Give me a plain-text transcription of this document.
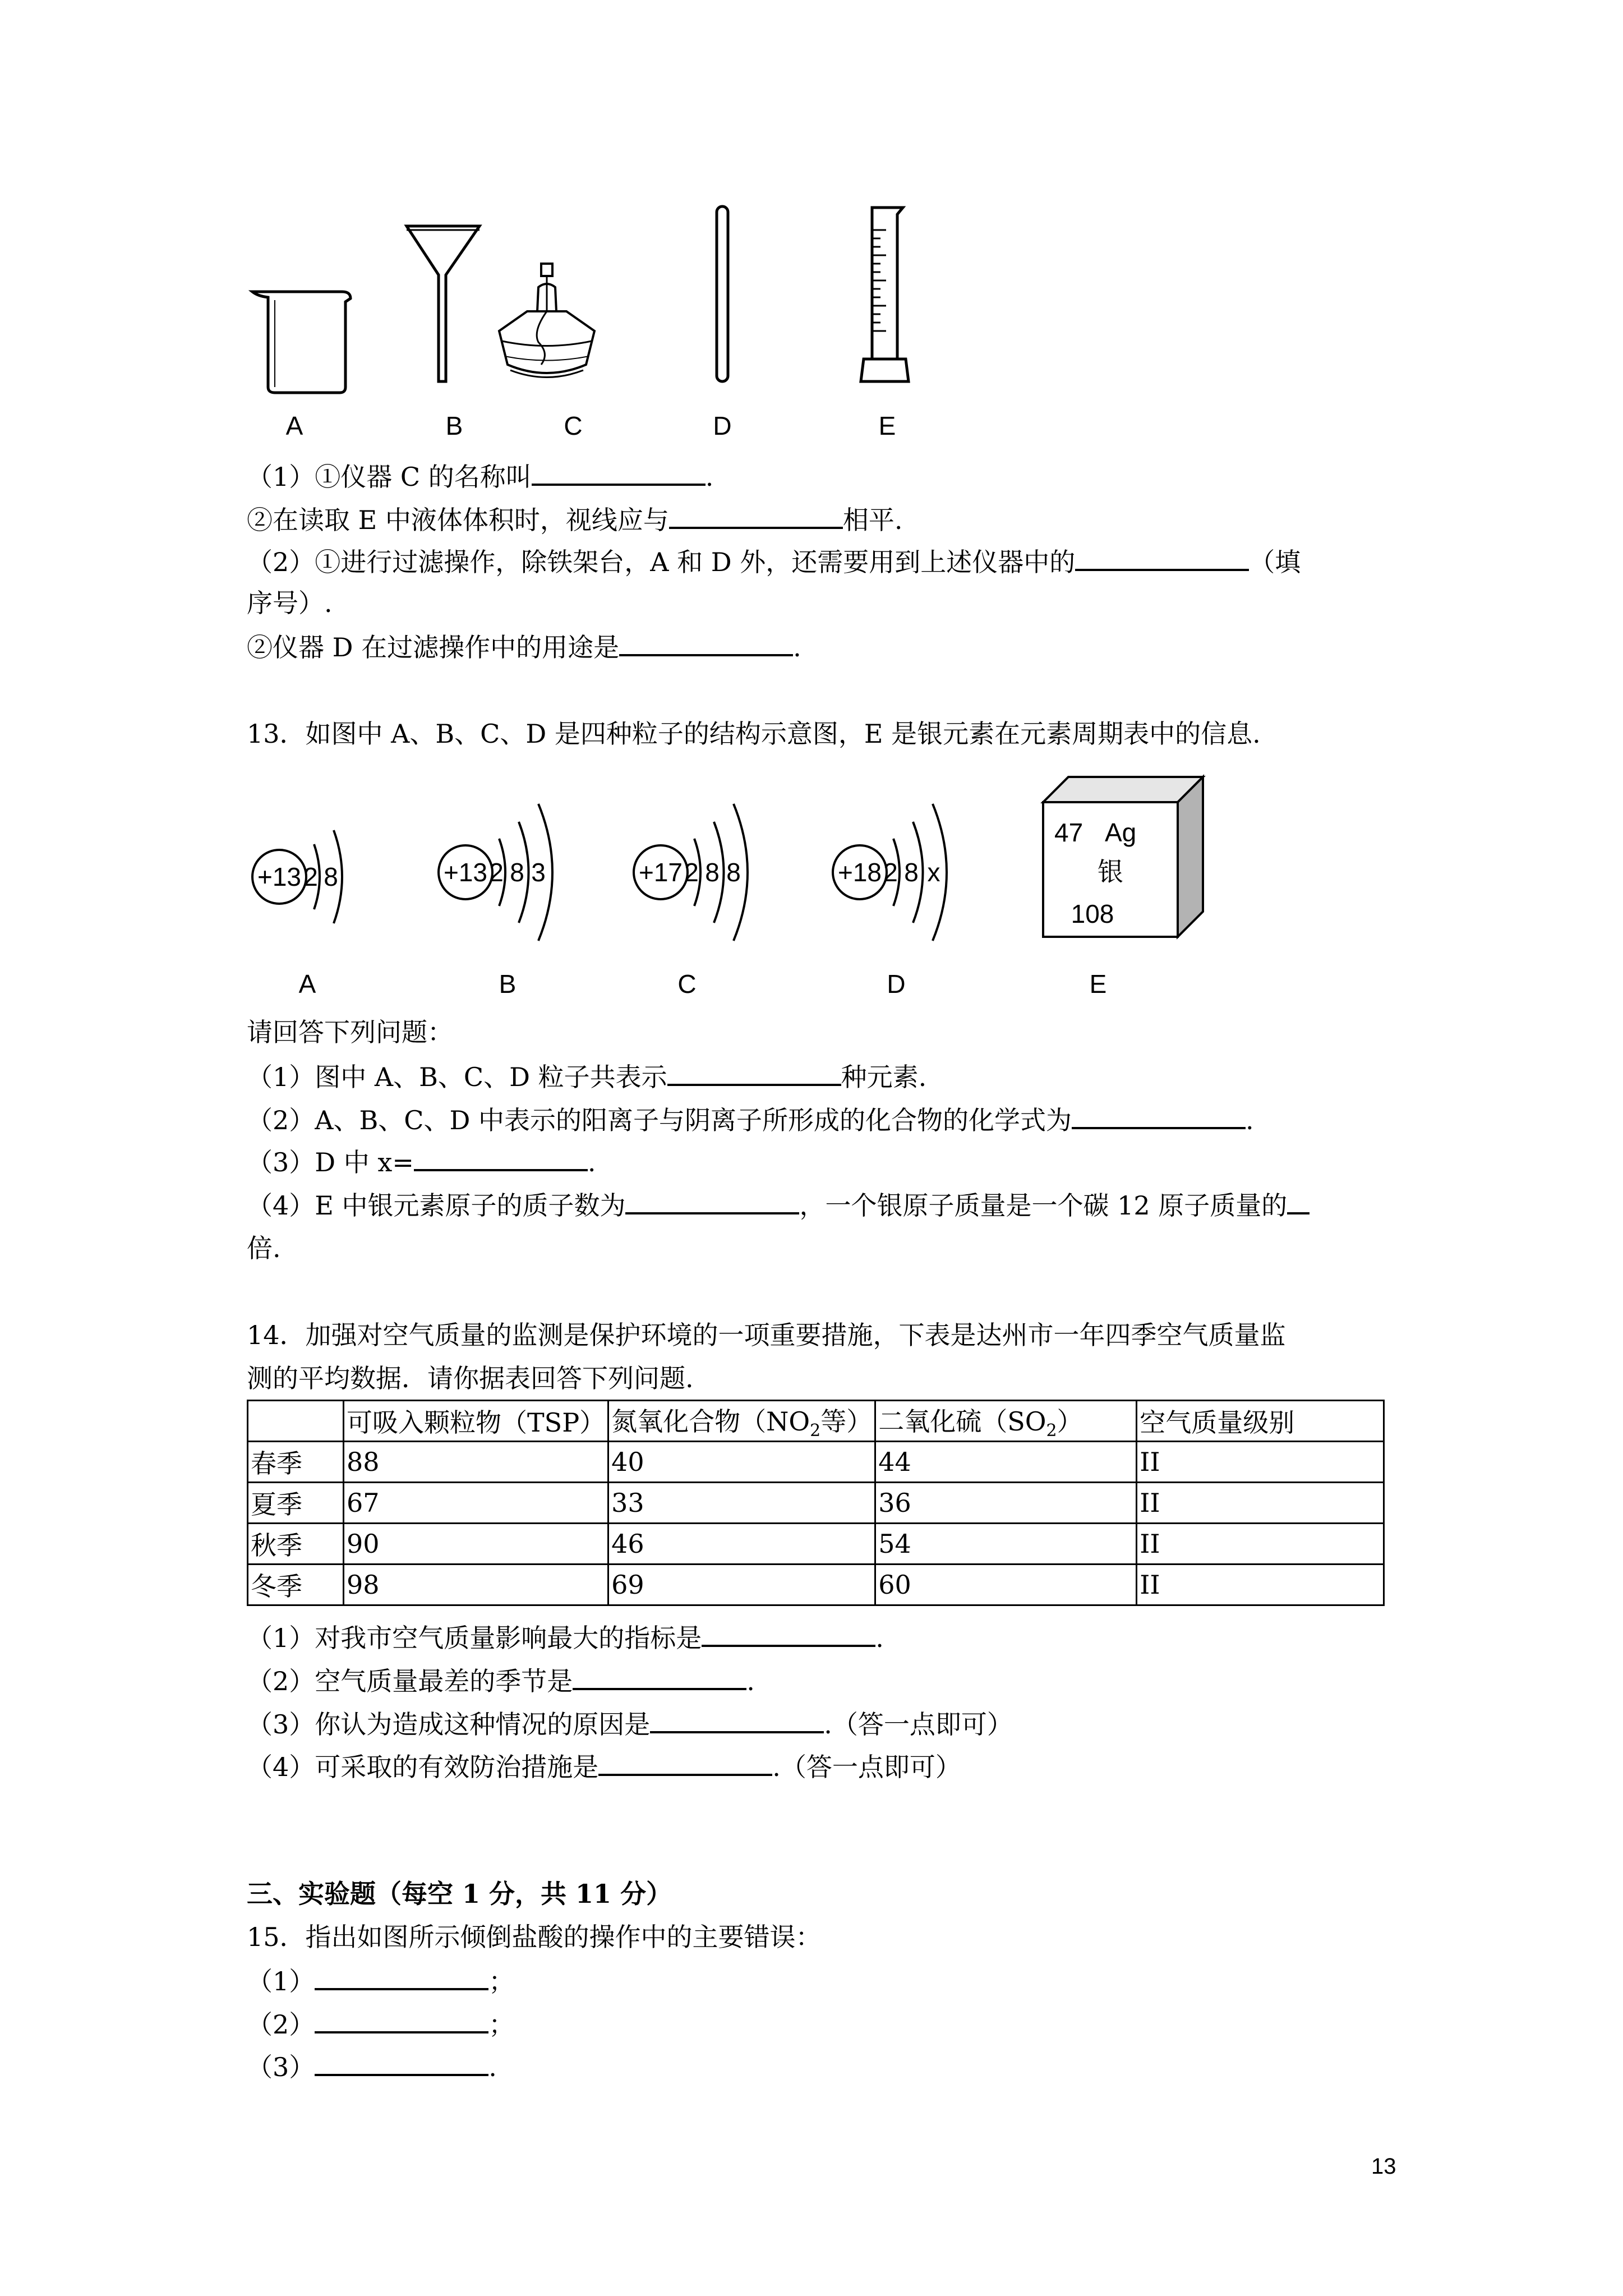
A	B	C	D	E
（1）①仪器 C 的名称叫	.
②在读取 E 中液体体积时，视线应与	相平.
（2）①进行过滤操作，除铁架台，A 和 D 外，还需要用到上述仪器中的	（填
序号）.
②仪器 D 在过滤操作中的用途是	.
13．如图中 A、B、C、D 是四种粒子的结构示意图，E 是银元素在元素周期表中的信息.
+13 2 8	+13 2 8 3	+17 2 8 8	+18 2 8 x
47 Ag
银
108
A	B	C	D	E
请回答下列问题：
（1）图中 A、B、C、D 粒子共表示	种元素.
（2）A、B、C、D 中表示的阳离子与阴离子所形成的化合物的化学式为	.
（3）D 中 x=	.
（4）E 中银元素原子的质子数为	，一个银原子质量是一个碳 12 原子质量的
倍.
14．加强对空气质量的监测是保护环境的一项重要措施，下表是达州市一年四季空气质量监
测的平均数据．请你据表回答下列问题.
	可吸入颗粒物（TSP）	氮氧化合物（$NO_2$等）	二氧化硫$(SO_2)$	空气质量级别
春季	88	40	44	II
夏季	67	33	36	II
秋季	90	46	54	II
冬季	98	69	60	II
（1）对我市空气质量影响最大的指标是	.
（2）空气质量最差的季节是	.
（3）你认为造成这种情况的原因是	.（答一点即可）
（4）可采取的有效防治措施是	.（答一点即可）
三、实验题（每空 1 分，共 11 分）
15．指出如图所示倾倒盐酸的操作中的主要错误：
（1）	；
（2）	；
（3）	.
13
